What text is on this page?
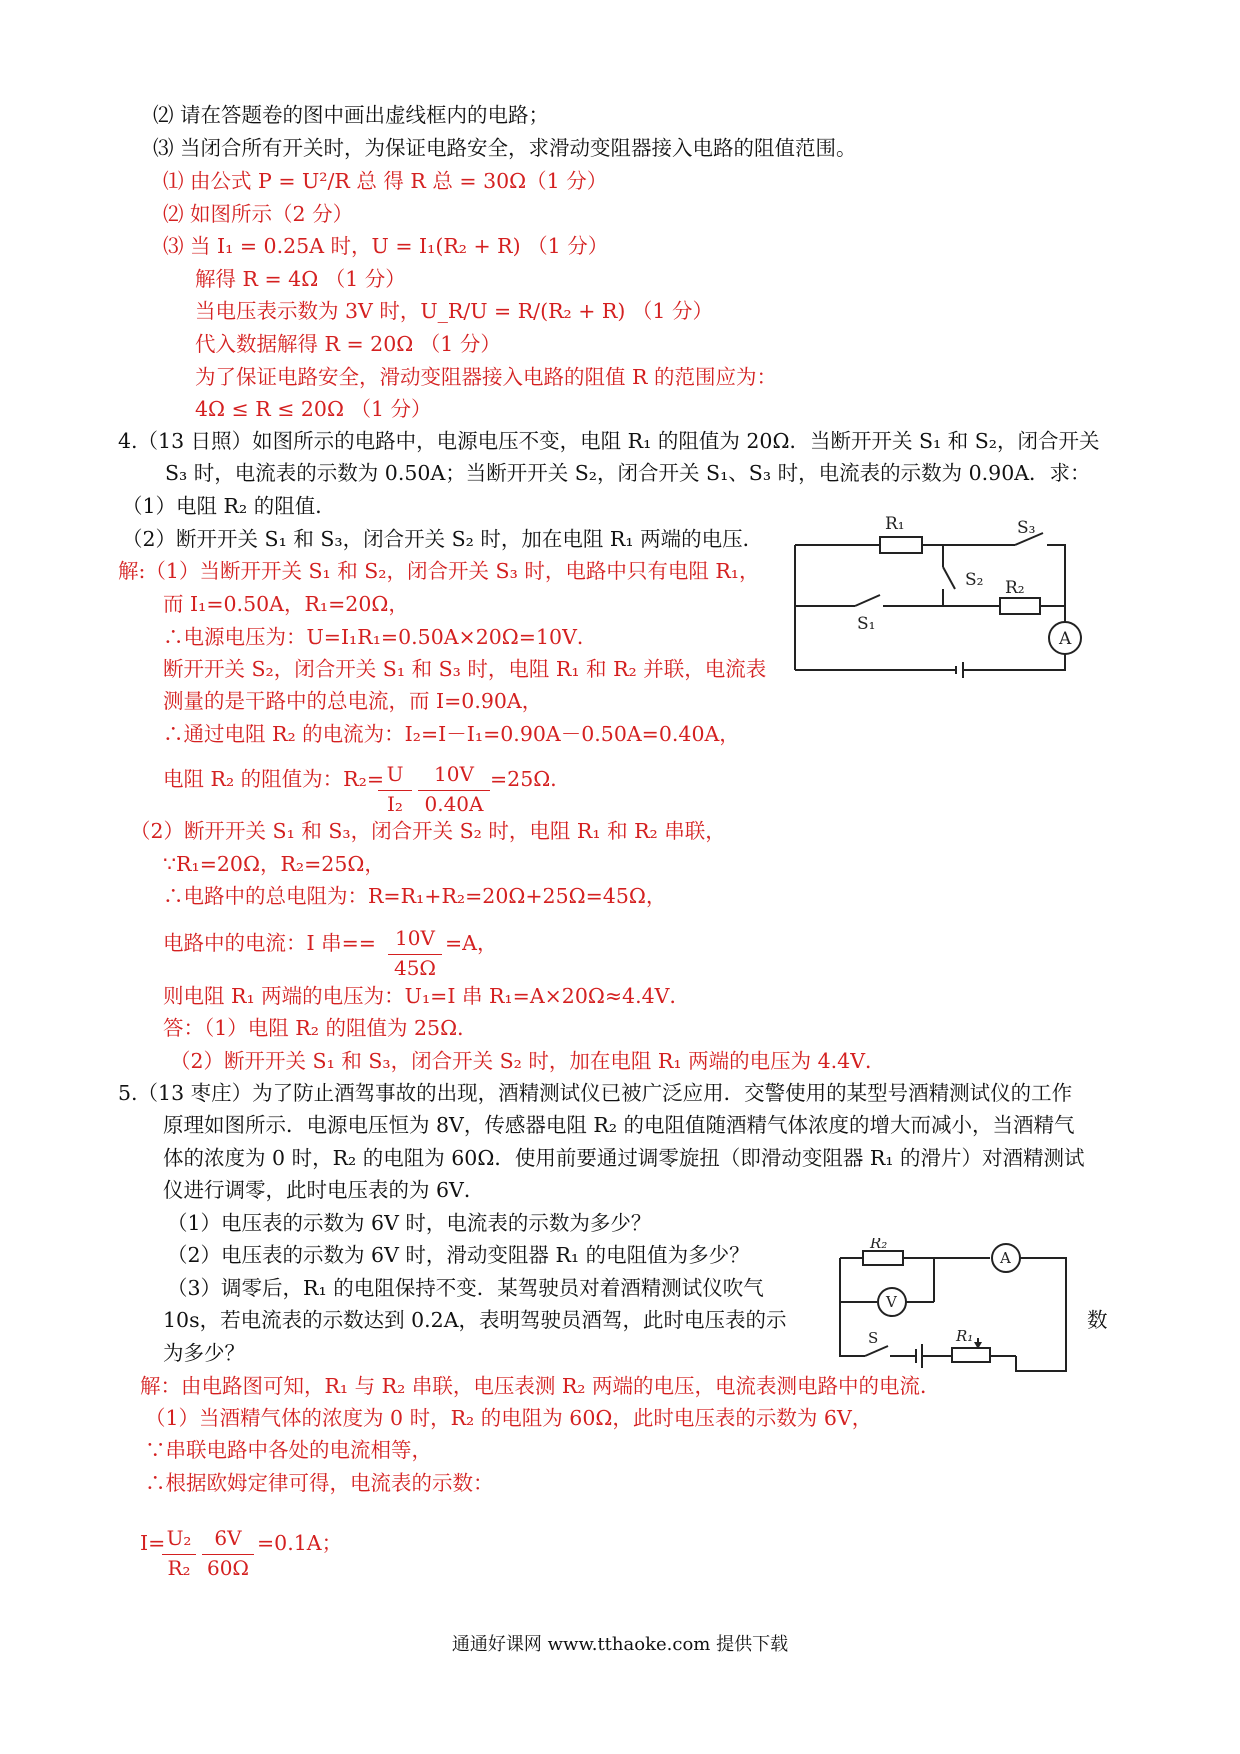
⑵ 请在答题卷的图中画出虚线框内的电路；
⑶ 当闭合所有开关时，为保证电路安全，求滑动变阻器接入电路的阻值范围。
⑴ 由公式 P = U²/R 总 得 R 总 = 30Ω（1 分）
⑵ 如图所示（2 分）
⑶ 当 I₁ = 0.25A 时，U = I₁(R₂ + R) （1 分）
解得 R = 4Ω （1 分）
当电压表示数为 3V 时，U_R/U = R/(R₂ + R) （1 分）
代入数据解得 R = 20Ω （1 分）
为了保证电路安全，滑动变阻器接入电路的阻值 R 的范围应为：
4Ω ≤ R ≤ 20Ω （1 分）
4.（13 日照）如图所示的电路中，电源电压不变，电阻 R₁ 的阻值为 20Ω．当断开开关 S₁ 和 S₂，闭合开关
S₃ 时，电流表的示数为 0.50A；当断开开关 S₂，闭合开关 S₁、S₃ 时，电流表的示数为 0.90A．求：
（1）电阻 R₂ 的阻值．
（2）断开开关 S₁ 和 S₃，闭合开关 S₂ 时，加在电阻 R₁ 两端的电压．
解:（1）当断开开关 S₁ 和 S₂，闭合开关 S₃ 时，电路中只有电阻 R₁，
而 I₁=0.50A，R₁=20Ω，
∴电源电压为：U=I₁R₁=0.50A×20Ω=10V．
断开开关 S₂，闭合开关 S₁ 和 S₃ 时，电阻 R₁ 和 R₂ 并联，电流表
测量的是干路中的总电流，而 I=0.90A，
∴通过电阻 R₂ 的电流为：I₂=I－I₁=0.90A－0.50A=0.40A，
电阻 R₂ 的阻值为：R₂=	=25Ω．
（2）断开开关 S₁ 和 S₃，闭合开关 S₂ 时，电阻 R₁ 和 R₂ 串联，
∵R₁=20Ω，R₂=25Ω，
∴电路中的总电阻为：R=R₁+R₂=20Ω+25Ω=45Ω，
电路中的电流：I 串==	=A，
则电阻 R₁ 两端的电压为：U₁=I 串 R₁=A×20Ω≈4.4V．
答：（1）电阻 R₂ 的阻值为 25Ω．
（2）断开开关 S₁ 和 S₃，闭合开关 S₂ 时，加在电阻 R₁ 两端的电压为 4.4V．
5.（13 枣庄）为了防止酒驾事故的出现，酒精测试仪已被广泛应用．交警使用的某型号酒精测试仪的工作
原理如图所示．电源电压恒为 8V，传感器电阻 R₂ 的电阻值随酒精气体浓度的增大而减小，当酒精气
体的浓度为 0 时，R₂ 的电阻为 60Ω．使用前要通过调零旋扭（即滑动变阻器 R₁ 的滑片）对酒精测试
仪进行调零，此时电压表的为 6V．
（1）电压表的示数为 6V 时，电流表的示数为多少？
（2）电压表的示数为 6V 时，滑动变阻器 R₁ 的电阻值为多少？
（3）调零后，R₁ 的电阻保持不变．某驾驶员对着酒精测试仪吹气
10s，若电流表的示数达到 0.2A，表明驾驶员酒驾，此时电压表的示	数
为多少？
解：由电路图可知，R₁ 与 R₂ 串联，电压表测 R₂ 两端的电压，电流表测电路中的电流．
（1）当酒精气体的浓度为 0 时，R₂ 的电阻为 60Ω，此时电压表的示数为 6V，
∵串联电路中各处的电流相等，
∴根据欧姆定律可得，电流表的示数：
I=	=0.1A；
U
I₂
10V
0.40A
10V
45Ω
U₂
R₂
6V
60Ω
R₁	S₃
S₂ R₂
S₁
A
R₂
A
V
S	R₁
通通好课网 www.tthaoke.com 提供下载
